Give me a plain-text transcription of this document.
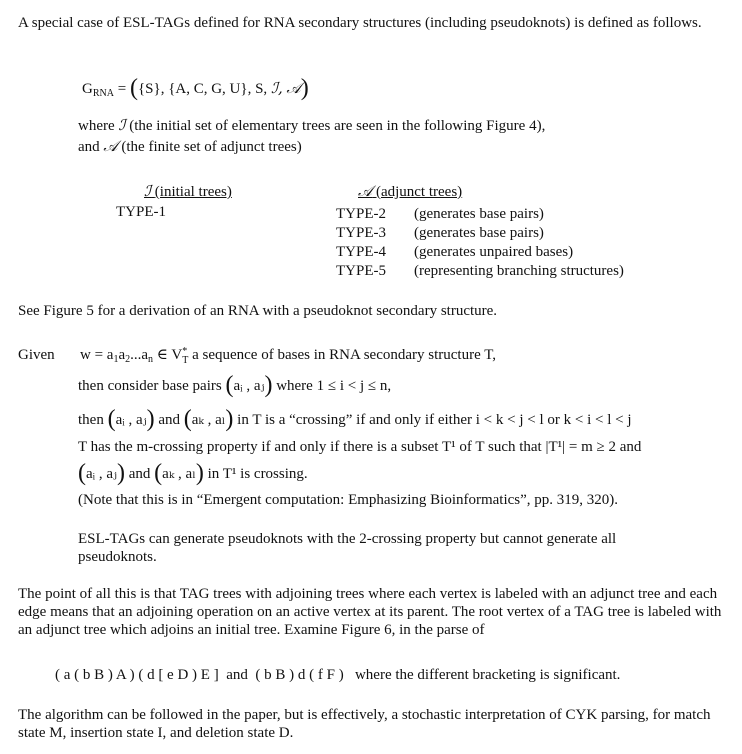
A special case of ESL-TAGs defined for RNA secondary structures (including pseudoknots) is defined as follows.
$G_{RNA} = (\{S\}$, {A, C, G, U}, S, ℐ, 𝒜)
where ℐ (the initial set of elementary trees are seen in the following Figure 4),
and 𝒜 (the finite set of adjunct trees)
ℐ (initial trees)
TYPE-1
𝒜 (adjunct trees)
TYPE-2 (generates base pairs)
TYPE-3 (generates base pairs)
TYPE-4 (generates unpaired bases)
TYPE-5 (representing branching structures)
See Figure 5 for a derivation of an RNA with a pseudoknot secondary structure.
Given $w = a_1a_2...a_n$ ∈ V*
T a sequence of bases in RNA secondary structure T,
then consider base pairs (aᵢ , aⱼ) where 1 ≤ i < j ≤ n,
then (aᵢ , aⱼ) and (aₖ , aₗ) in T is a “crossing” if and only if either i < k < j < l or k < i < l < j
T has the m-crossing property if and only if there is a subset T¹ of T such that |T¹| = m ≥ 2 and
(aᵢ , aⱼ) and (aₖ , aₗ) in T¹ is crossing.
(Note that this is in “Emergent computation: Emphasizing Bioinformatics”, pp. 319, 320).
ESL-TAGs can generate pseudoknots with the 2-crossing property but cannot generate all pseudoknots.
The point of all this is that TAG trees with adjoining trees where each vertex is labeled with an adjunct tree and each edge means that an adjoining operation on an active vertex at its parent. The root vertex of a TAG tree is labeled with an adjunct tree which adjoins an initial tree. Examine Figure 6, in the parse of
( a ( b B ) A ) ( d [ e D ) E ] and ( b B ) d ( f F ) where the different bracketing is significant.
The algorithm can be followed in the paper, but is effectively, a stochastic interpretation of CYK parsing, for match state M, insertion state I, and deletion state D.
